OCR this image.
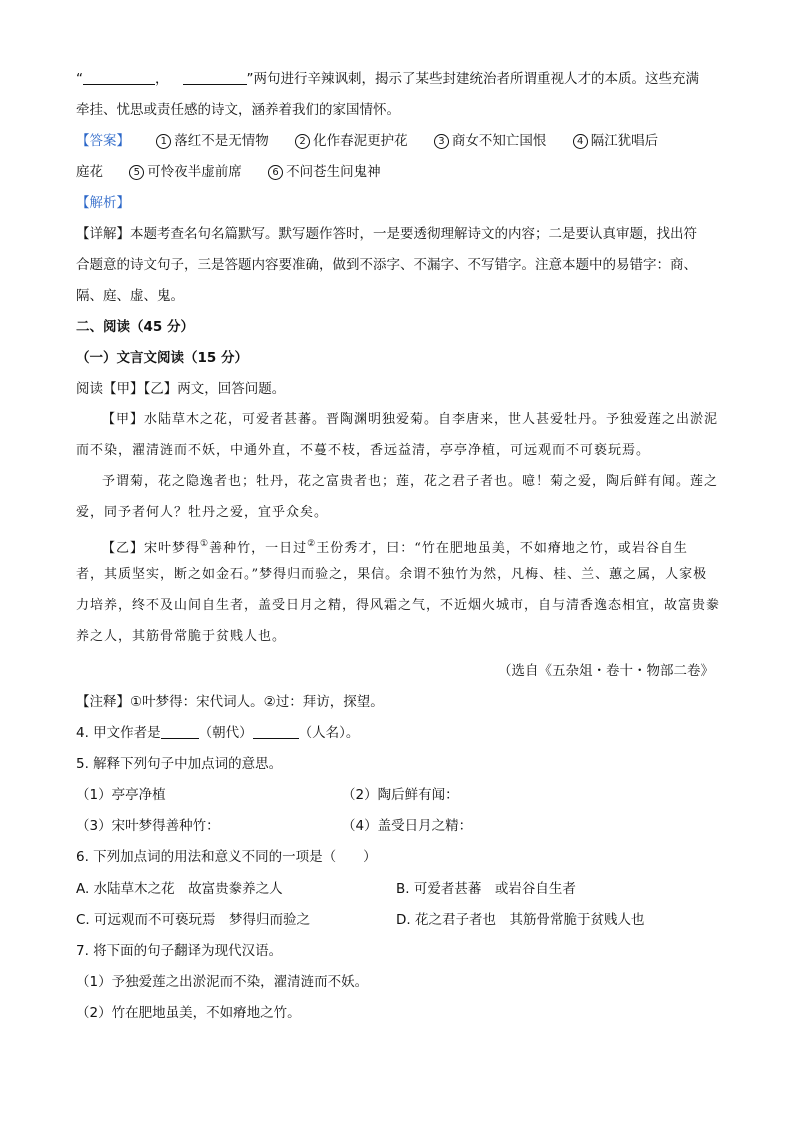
“	，	”两句进行辛辣讽刺，揭示了某些封建统治者所谓重视人才的本质。这些充满
牵挂、忧思或责任感的诗文，涵养着我们的家国情怀。
【答案】	1 落红不是无情物	2 化作春泥更护花	3 商女不知亡国恨	4 隔江犹唱后
庭花	5 可怜夜半虚前席	6 不问苍生问鬼神
【解析】
【详解】本题考查名句名篇默写。默写题作答时，一是要透彻理解诗文的内容；二是要认真审题，找出符
合题意的诗文句子，三是答题内容要准确，做到不添字、不漏字、不写错字。注意本题中的易错字：商、
隔、庭、虚、鬼。
二、阅读（45 分）
（一）文言文阅读（15 分）
阅读【甲】【乙】两文，回答问题。
【甲】水陆草木之花，可爱者甚蕃。晋陶渊明独爱菊。自李唐来，世人甚爱牡丹。予独爱莲之出淤泥
而不染，濯清涟而不妖，中通外直，不蔓不枝，香远益清，亭亭净植，可远观而不可亵玩焉。
予谓菊，花之隐逸者也；牡丹，花之富贵者也；莲，花之君子者也。噫！菊之爱，陶后鲜有闻。莲之
爱，同予者何人？牡丹之爱，宜乎众矣。
【乙】宋叶梦得①善种竹，一日过②王份秀才，曰：“竹在肥地虽美，不如瘠地之竹，或岩谷自生
者，其质坚实，断之如金石。”梦得归而验之，果信。余谓不独竹为然，凡梅、桂、兰、蕙之属，人家极
力培养，终不及山间自生者，盖受日月之精，得风霜之气，不近烟火城市，自与清香逸态相宜，故富贵豢
养之人，其筋骨常脆于贫贱人也。
（选自《五杂俎・卷十・物部二卷》
【注释】①叶梦得：宋代词人。②过：拜访，探望。
4. 甲文作者是	（朝代）	（人名）。
5. 解释下列句子中加点词的意思。
（1）亭亭净植	（2）陶后鲜有闻：
（3）宋叶梦得善种竹：	（4）盖受日月之精：
6. 下列加点词的用法和意义不同的一项是（　　）
A. 水陆草木之花　故富贵豢养之人	B. 可爱者甚蕃　或岩谷自生者
C. 可远观而不可亵玩焉　梦得归而验之	D. 花之君子者也　其筋骨常脆于贫贱人也
7. 将下面的句子翻译为现代汉语。
（1）予独爱莲之出淤泥而不染，濯清涟而不妖。
（2）竹在肥地虽美，不如瘠地之竹。
